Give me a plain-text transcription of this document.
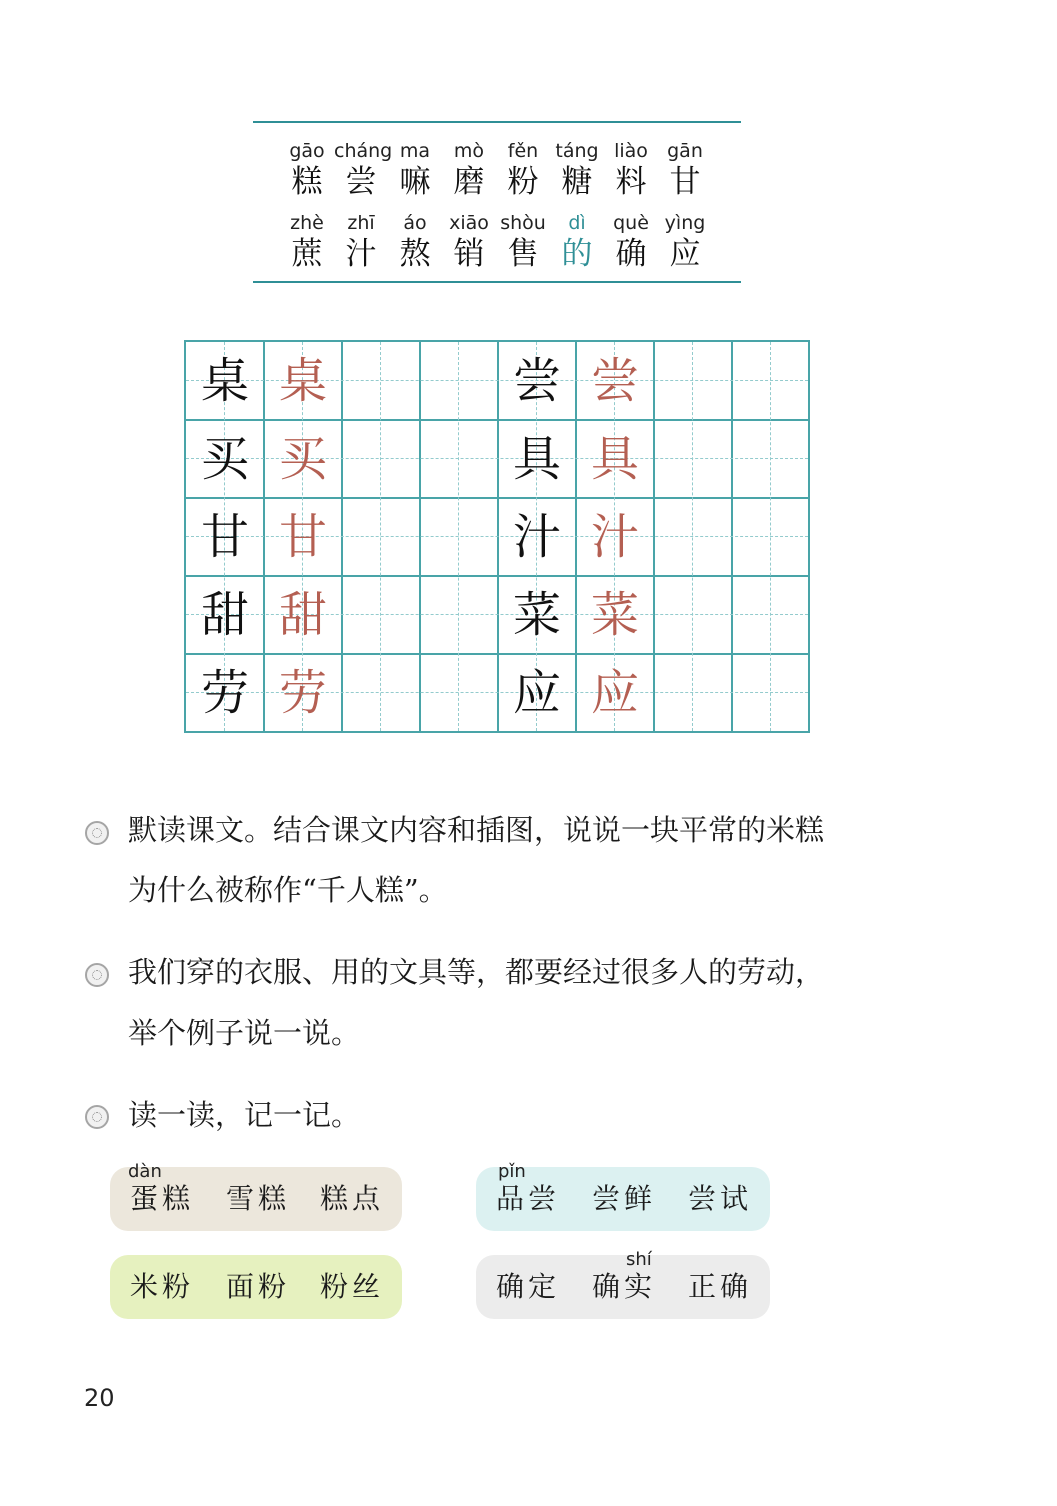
gāo
糕
cháng
尝
ma
嘛
mò
磨
fěn
粉
táng
糖
liào
料
gān
甘
zhè
蔗
zhī
汁
áo
熬
xiāo
销
shòu
售
dì
的
què
确
yìng
应
桌 桌
买 买
甘 甘
甜 甜
劳 劳
尝 尝
具 具
汁 汁
菜 菜
应 应
默读课文。结合课文内容和插图，说说一块平常的米糕
为什么被称作“千人糕”。
我们穿的衣服、用的文具等，都要经过很多人的劳动，
举个例子说一说。
读一读，记一记。
dàn
蛋糕 雪糕 糕点
pǐn
品尝 尝鲜 尝试
米粉 面粉 粉丝
shí
确定 确实 正确
20
